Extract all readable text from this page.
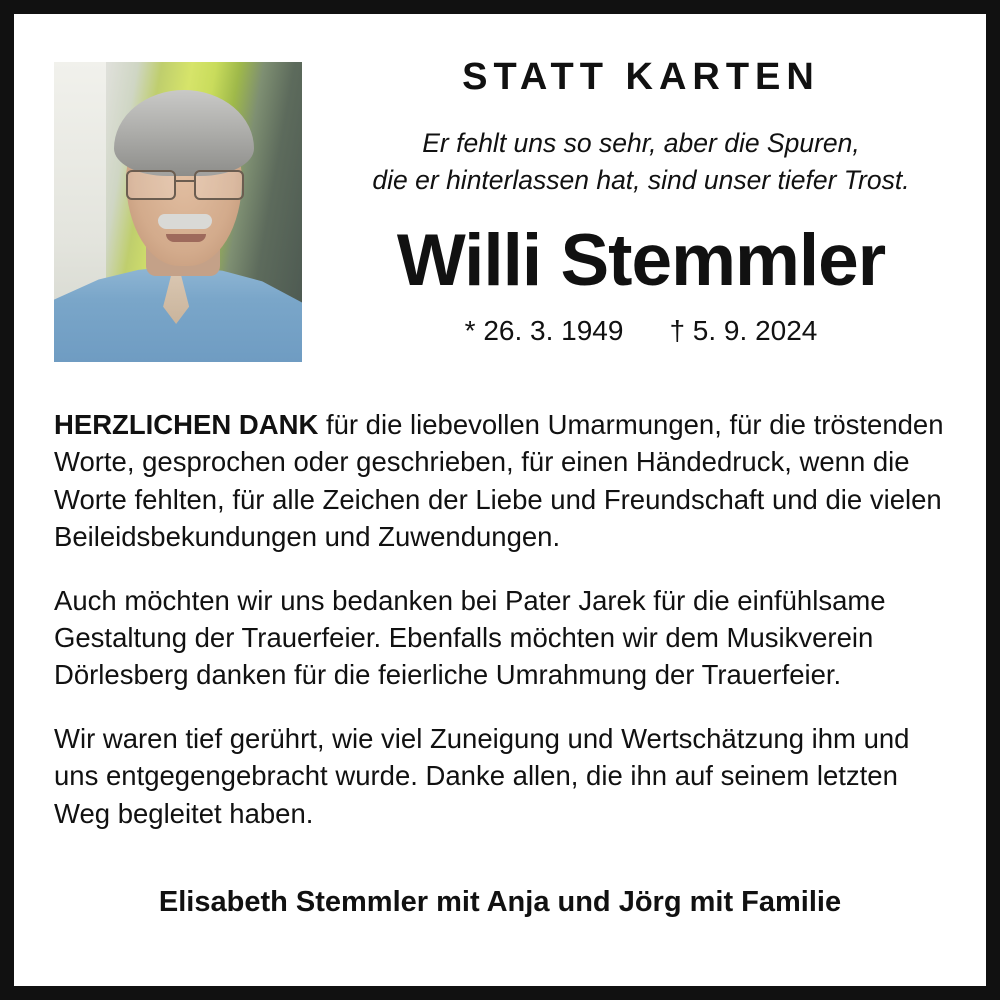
STATT KARTEN
Er fehlt uns so sehr, aber die Spuren,
die er hinterlassen hat, sind unser tiefer Trost.
Willi Stemmler
* 26. 3. 1949 † 5. 9. 2024

HERZLICHEN DANK für die liebevollen Umarmungen, für die tröstenden Worte, gesprochen oder geschrieben, für einen Händedruck, wenn die Worte fehlten, für alle Zeichen der Liebe und Freundschaft und die vielen Beileidsbekundungen und Zuwendungen.

Auch möchten wir uns bedanken bei Pater Jarek für die einfühlsame Gestaltung der Trauerfeier. Ebenfalls möchten wir dem Musikverein Dörlesberg danken für die feierliche Umrahmung der Trauerfeier.

Wir waren tief gerührt, wie viel Zuneigung und Wertschätzung ihm und uns entgegengebracht wurde. Danke allen, die ihn auf seinem letzten Weg begleitet haben.

Elisabeth Stemmler mit Anja und Jörg mit Familie
